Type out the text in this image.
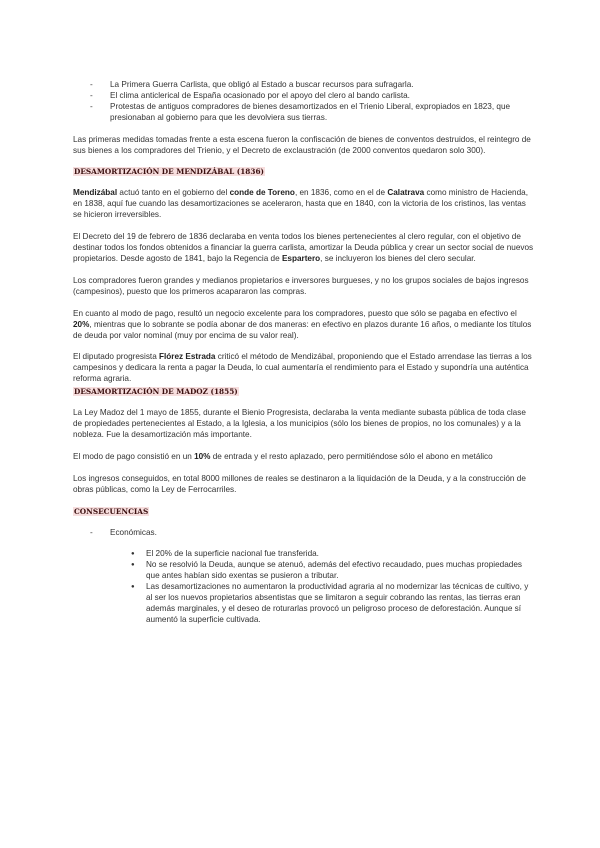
- La Primera Guerra Carlista, que obligó al Estado a buscar recursos para sufragarla.
- El clima anticlerical de España ocasionado por el apoyo del clero al bando carlista.
- Protestas de antiguos compradores de bienes desamortizados en el Trienio Liberal, expropiados en 1823, que presionaban al gobierno para que les devolviera sus tierras.

Las primeras medidas tomadas frente a esta escena fueron la confiscación de bienes de conventos destruidos, el reintegro de sus bienes a los compradores del Trienio, y el Decreto de exclaustración (de 2000 conventos quedaron solo 300).

DESAMORTIZACIÓN DE MENDIZÁBAL (1836)

Mendizábal actuó tanto en el gobierno del conde de Toreno, en 1836, como en el de Calatrava como ministro de Hacienda, en 1838, aquí fue cuando las desamortizaciones se aceleraron, hasta que en 1840, con la victoria de los cristinos, las ventas se hicieron irreversibles.

El Decreto del 19 de febrero de 1836 declaraba en venta todos los bienes pertenecientes al clero regular, con el objetivo de destinar todos los fondos obtenidos a financiar la guerra carlista, amortizar la Deuda pública y crear un sector social de nuevos propietarios. Desde agosto de 1841, bajo la Regencia de Espartero, se incluyeron los bienes del clero secular.

Los compradores fueron grandes y medianos propietarios e inversores burgueses, y no los grupos sociales de bajos ingresos (campesinos), puesto que los primeros acapararon las compras.

En cuanto al modo de pago, resultó un negocio excelente para los compradores, puesto que sólo se pagaba en efectivo el 20%, mientras que lo sobrante se podía abonar de dos maneras: en efectivo en plazos durante 16 años, o mediante los títulos de deuda por valor nominal (muy por encima de su valor real).

El diputado progresista Flórez Estrada criticó el método de Mendizábal, proponiendo que el Estado arrendase las tierras a los campesinos y dedicara la renta a pagar la Deuda, lo cual aumentaría el rendimiento para el Estado y supondría una auténtica reforma agraria.

DESAMORTIZACIÓN DE MADOZ (1855)

La Ley Madoz del 1 mayo de 1855, durante el Bienio Progresista, declaraba la venta mediante subasta pública de toda clase de propiedades pertenecientes al Estado, a la Iglesia, a los municipios (sólo los bienes de propios, no los comunales) y a la nobleza. Fue la desamortización más importante.

El modo de pago consistió en un 10% de entrada y el resto aplazado, pero permitiéndose sólo el abono en metálico

Los ingresos conseguidos, en total 8000 millones de reales se destinaron a la liquidación de la Deuda, y a la construcción de obras públicas, como la Ley de Ferrocarriles.

CONSECUENCIAS

- Económicas.
● El 20% de la superficie nacional fue transferida.
● No se resolvió la Deuda, aunque se atenuó, además del efectivo recaudado, pues muchas propiedades que antes habían sido exentas se pusieron a tributar.
● Las desamortizaciones no aumentaron la productividad agraria al no modernizar las técnicas de cultivo, y al ser los nuevos propietarios absentistas que se limitaron a seguir cobrando las rentas, las tierras eran además marginales, y el deseo de roturarlas provocó un peligroso proceso de deforestación. Aunque sí aumentó la superficie cultivada.
